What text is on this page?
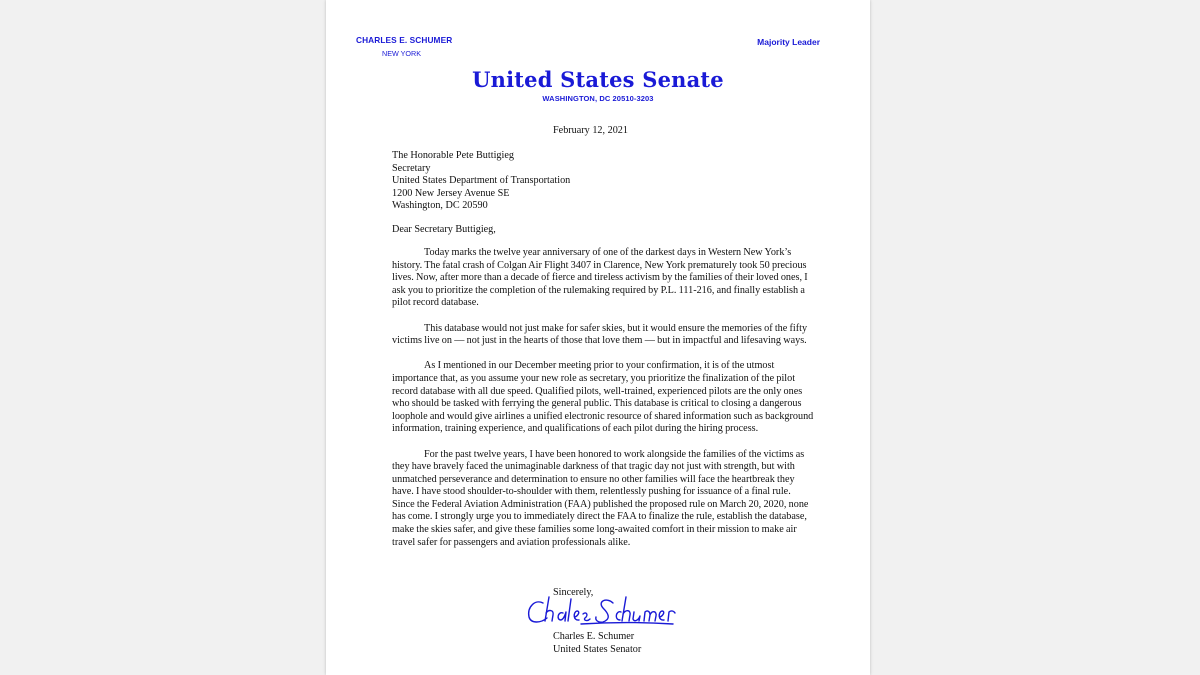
CHARLES E. SCHUMER
NEW YORK
Majority Leader
United States Senate
WASHINGTON, DC 20510-3203
February 12, 2021
The Honorable Pete Buttigieg
Secretary
United States Department of Transportation
1200 New Jersey Avenue SE
Washington, DC 20590
Dear Secretary Buttigieg,

Today marks the twelve year anniversary of one of the darkest days in Western New York’s history. The fatal crash of Colgan Air Flight 3407 in Clarence, New York prematurely took 50 precious lives. Now, after more than a decade of fierce and tireless activism by the families of their loved ones, I ask you to prioritize the completion of the rulemaking required by P.L. 111-216, and finally establish a pilot record database.

This database would not just make for safer skies, but it would ensure the memories of the fifty victims live on — not just in the hearts of those that love them — but in impactful and lifesaving ways.

As I mentioned in our December meeting prior to your confirmation, it is of the utmost importance that, as you assume your new role as secretary, you prioritize the finalization of the pilot record database with all due speed. Qualified pilots, well-trained, experienced pilots are the only ones who should be tasked with ferrying the general public. This database is critical to closing a dangerous loophole and would give airlines a unified electronic resource of shared information such as background information, training experience, and qualifications of each pilot during the hiring process.

For the past twelve years, I have been honored to work alongside the families of the victims as they have bravely faced the unimaginable darkness of that tragic day not just with strength, but with unmatched perseverance and determination to ensure no other families will face the heartbreak they have. I have stood shoulder-to-shoulder with them, relentlessly pushing for issuance of a final rule. Since the Federal Aviation Administration (FAA) published the proposed rule on March 20, 2020, none has come. I strongly urge you to immediately direct the FAA to finalize the rule, establish the database, make the skies safer, and give these families some long-awaited comfort in their mission to make air travel safer for passengers and aviation professionals alike.

Sincerely,
Charles E. Schumer
United States Senator
